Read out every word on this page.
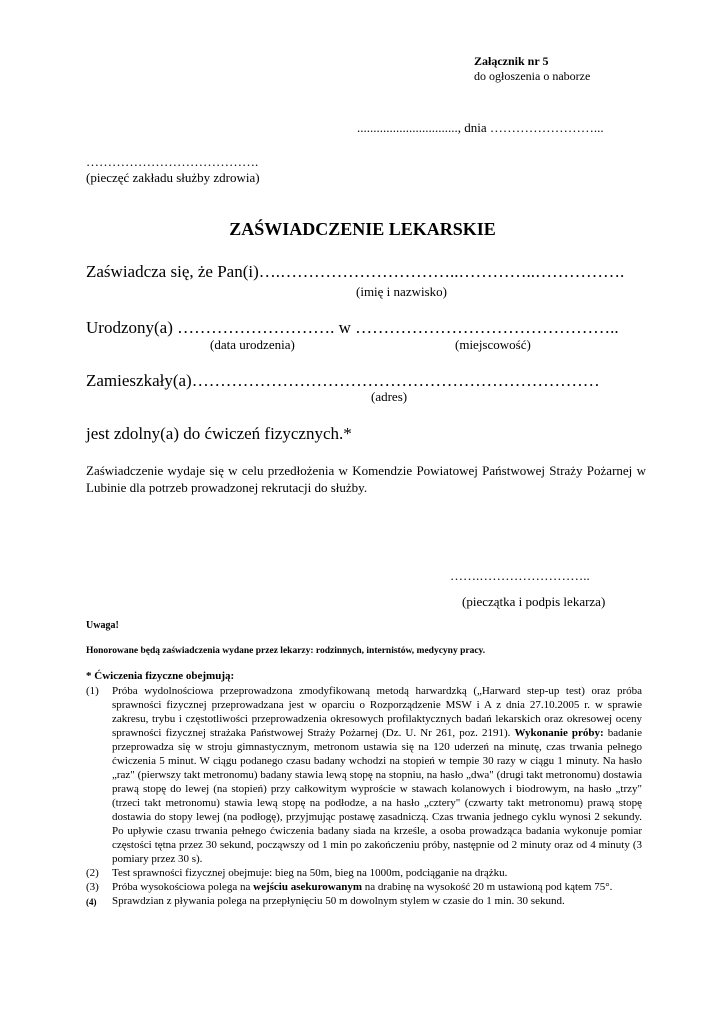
Załącznik nr 5
do ogłoszenia o naborze
..............................., dnia ……………………...
………………………………….
(pieczęć zakładu służby zdrowia)
ZAŚWIADCZENIE LEKARSKIE
Zaświadcza się, że Pan(i)….…………………………..…………..…………….
(imię i nazwisko)
Urodzony(a) ………………………. w ………………………………………..
(data urodzenia)	(miejscowość)
Zamieszkały(a)………………………………………………………………
(adres)
jest zdolny(a) do ćwiczeń fizycznych.*
Zaświadczenie wydaje się w celu przedłożenia w Komendzie Powiatowej Państwowej Straży Pożarnej w Lubinie dla potrzeb prowadzonej rekrutacji do służby.
…….……………………..
(pieczątka i podpis lekarza)
Uwaga!
Honorowane będą zaświadczenia wydane przez lekarzy: rodzinnych, internistów, medycyny pracy.
* Ćwiczenia fizyczne obejmują:
(1)	Próba wydolnościowa przeprowadzona zmodyfikowaną metodą harwardzką („Harward step-up test) oraz próba sprawności fizycznej przeprowadzana jest w oparciu o Rozporządzenie MSW i A z dnia 27.10.2005 r. w sprawie zakresu, trybu i częstotliwości przeprowadzenia okresowych profilaktycznych badań lekarskich oraz okresowej oceny sprawności fizycznej strażaka Państwowej Straży Pożarnej (Dz. U. Nr 261, poz. 2191). Wykonanie próby: badanie przeprowadza się w stroju gimnastycznym, metronom ustawia się na 120 uderzeń na minutę, czas trwania pełnego ćwiczenia 5 minut. W ciągu podanego czasu badany wchodzi na stopień w tempie 30 razy w ciągu 1 minuty. Na hasło „raz" (pierwszy takt metronomu) badany stawia lewą stopę na stopniu, na hasło „dwa" (drugi takt metronomu) dostawia prawą stopę do lewej (na stopień) przy całkowitym wyproście w stawach kolanowych i biodrowym, na hasło „trzy" (trzeci takt metronomu) stawia lewą stopę na podłodze, a na hasło „cztery" (czwarty takt metronomu) prawą stopę dostawia do stopy lewej (na podłogę), przyjmując postawę zasadniczą. Czas trwania jednego cyklu wynosi 2 sekundy. Po upływie czasu trwania pełnego ćwiczenia badany siada na krześle, a osoba prowadząca badania wykonuje pomiar częstości tętna przez 30 sekund, począwszy od 1 min po zakończeniu próby, następnie od 2 minuty oraz od 4 minuty (3 pomiary przez 30 s).
(2)	Test sprawności fizycznej obejmuje: bieg na 50m, bieg na 1000m, podciąganie na drążku.
(3)	Próba wysokościowa polega na wejściu asekurowanym na drabinę na wysokość 20 m ustawioną pod kątem 75°.
(4)	Sprawdzian z pływania polega na przepłynięciu 50 m dowolnym stylem w czasie do 1 min. 30 sekund.
